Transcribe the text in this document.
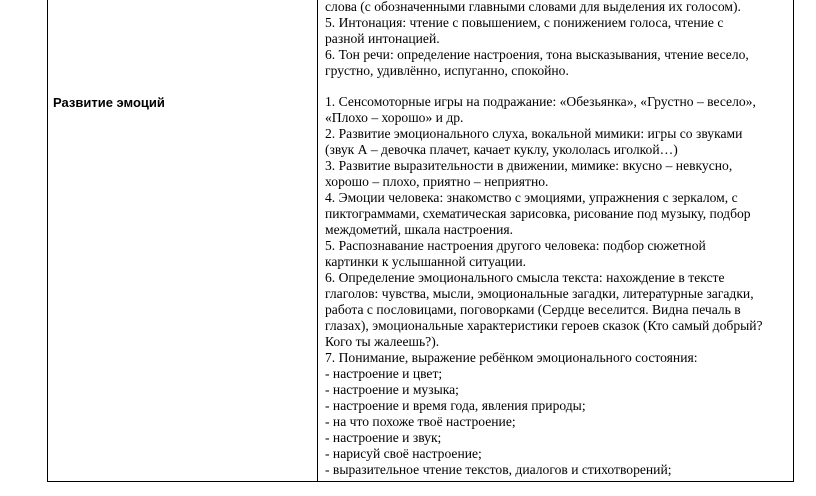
Развитие эмоций
слова (с обозначенными главными словами для выделения их голосом).
5. Интонация: чтение с повышением, с понижением голоса, чтение с
разной интонацией.
6. Тон речи: определение настроения, тона высказывания, чтение весело,
грустно, удивлённо, испуганно, спокойно.
1. Сенсомоторные игры на подражание: «Обезьянка», «Грустно – весело»,
«Плохо – хорошо» и др.
2. Развитие эмоционального слуха, вокальной мимики: игры со звуками
(звук А – девочка плачет, качает куклу, укололась иголкой…)
3. Развитие выразительности в движении, мимике: вкусно – невкусно,
хорошо – плохо, приятно – неприятно.
4. Эмоции человека: знакомство с эмоциями, упражнения с зеркалом, с
пиктограммами, схематическая зарисовка, рисование под музыку, подбор
междометий, шкала настроения.
5. Распознавание настроения другого человека: подбор сюжетной
картинки к услышанной ситуации.
6. Определение эмоционального смысла текста: нахождение в тексте
глаголов: чувства, мысли, эмоциональные загадки, литературные загадки,
работа с пословицами, поговорками (Сердце веселится. Видна печаль в
глазах), эмоциональные характеристики героев сказок (Кто самый добрый?
Кого ты жалеешь?).
7. Понимание, выражение ребёнком эмоционального состояния:
- настроение и цвет;
- настроение и музыка;
- настроение и время года, явления природы;
- на что похоже твоё настроение;
- настроение и звук;
- нарисуй своё настроение;
- выразительное чтение текстов, диалогов и стихотворений;
